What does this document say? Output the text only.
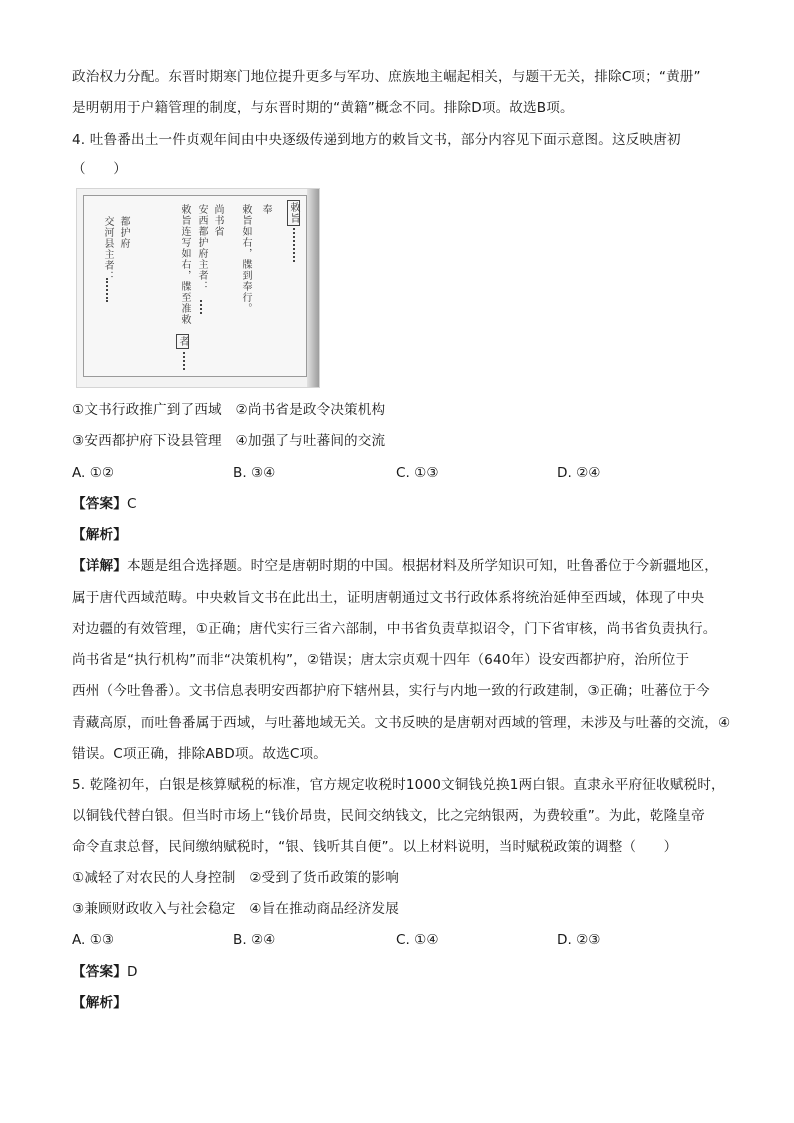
政治权力分配。东晋时期寒门地位提升更多与军功、庶族地主崛起相关，与题干无关，排除C项；“黄册”
是明朝用于户籍管理的制度，与东晋时期的“黄籍”概念不同。排除D项。故选B项。
4. 吐鲁番出土一件贞观年间由中央逐级传递到地方的敕旨文书，部分内容见下面示意图。这反映唐初
（　　）
敕旨
敕旨如右，牒到奉行。 奉
尚书省
安西都护府主者：
敕旨连写如右，牒至准敕
者
都护府
交河县主者：
①文书行政推广到了西域　②尚书省是政令决策机构
③安西都护府下设县管理　④加强了与吐蕃间的交流
A. ①②	B. ③④	C. ①③	D. ②④
【答案】C
【解析】
【详解】本题是组合选择题。时空是唐朝时期的中国。根据材料及所学知识可知，吐鲁番位于今新疆地区，
属于唐代西域范畴。中央敕旨文书在此出土，证明唐朝通过文书行政体系将统治延伸至西域，体现了中央
对边疆的有效管理，①正确；唐代实行三省六部制，中书省负责草拟诏令，门下省审核，尚书省负责执行。
尚书省是“执行机构”而非“决策机构”，②错误；唐太宗贞观十四年（640年）设安西都护府，治所位于
西州（今吐鲁番）。文书信息表明安西都护府下辖州县，实行与内地一致的行政建制，③正确；吐蕃位于今
青藏高原，而吐鲁番属于西域，与吐蕃地域无关。文书反映的是唐朝对西域的管理，未涉及与吐蕃的交流，④
错误。C项正确，排除ABD项。故选C项。
5. 乾隆初年，白银是核算赋税的标准，官方规定收税时1000文铜钱兑换1两白银。直隶永平府征收赋税时，
以铜钱代替白银。但当时市场上“钱价昂贵，民间交纳钱文，比之完纳银两，为费较重”。为此，乾隆皇帝
命令直隶总督，民间缴纳赋税时，“银、钱听其自便”。以上材料说明，当时赋税政策的调整（　　）
①减轻了对农民的人身控制　②受到了货币政策的影响
③兼顾财政收入与社会稳定　④旨在推动商品经济发展
A. ①③	B. ②④	C. ①④	D. ②③
【答案】D
【解析】
